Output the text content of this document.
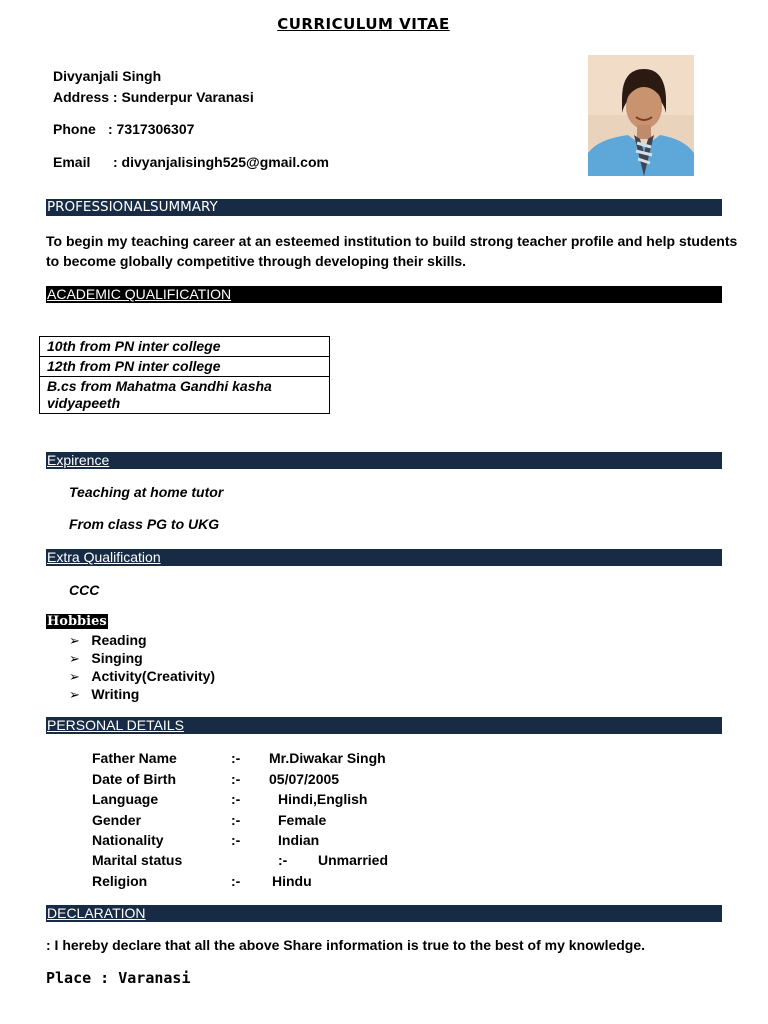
CURRICULUM VITAE
Divyanjali Singh
Address : Sunderpur Varanasi
Phone : 7317306307
Email : divyanjalisingh525@gmail.com
PROFESSIONALSUMMARY
To begin my teaching career at an esteemed institution to build strong teacher profile and help students
to become globally competitive through developing their skills.
ACADEMIC QUALIFICATION
10th from PN inter college
12th from PN inter college
B.cs from Mahatma Gandhi kasha vidyapeeth
Expirence
Teaching at home tutor
From class PG to UKG
Extra Qualification
CCC
Hobbies
➢ Reading
➢ Singing
➢ Activity(Creativity)
➢ Writing
PERSONAL DETAILS
Father Name	:- Mr.Diwakar Singh
Date of Birth	:- 05/07/2005
Language	:-	Hindi,English
Gender	:-	Female
Nationality	:-	Indian
Marital status	:- Unmarried
Religion	:- Hindu
DECLARATION
: I hereby declare that all the above Share information is true to the best of my knowledge.
Place : Varanasi
